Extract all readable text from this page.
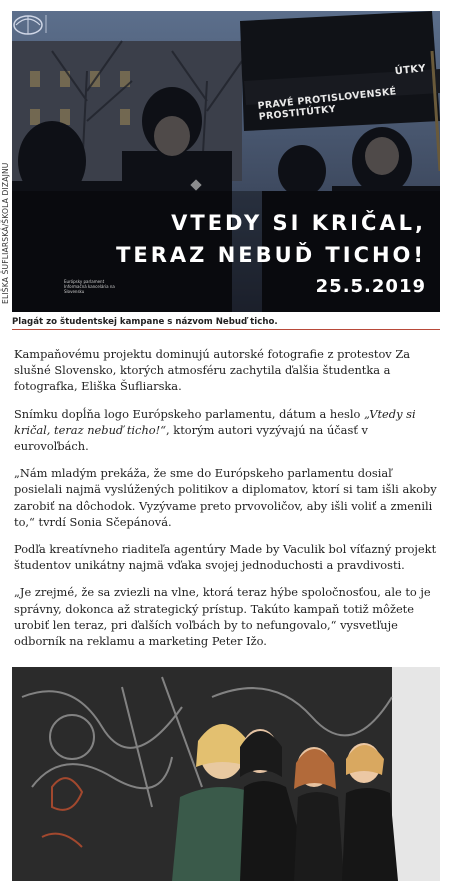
ELIŠKA ŠUFLIARSKÁ/ŠKOLA DIZAJNU
ÚTKY
PRAVÉ PROTISLOVENSKÉ PROSTITÚTKY
VTEDY SI KRIČAL,
TERAZ NEBUĎ TICHO!
25.5.2019
Európsky parlament Informačná kancelária na Slovensku
Plagát zo študentskej kampane s názvom Nebuď ticho.

Kampaňovému projektu dominujú autorské fotografie z protestov Za slušné Slovensko, ktorých atmosféru zachytila ďalšia študentka a fotografka, Eliška Šufliarska.

Snímku dopĺňa logo Európskeho parlamentu, dátum a heslo „Vtedy si kričal, teraz nebuď ticho!“, ktorým autori vyzývajú na účasť v eurovoľbách.

„Nám mladým prekáža, že sme do Európskeho parlamentu dosiaľ posielali najmä vyslúžených politikov a diplomatov, ktorí si tam išli akoby zarobiť na dôchodok. Vyzývame preto prvovoličov, aby išli voliť a zmenili to,“ tvrdí Sonia Sčepánová.

Podľa kreatívneho riaditeľa agentúry Made by Vaculik bol víťazný projekt študentov unikátny najmä vďaka svojej jednoduchosti a pravdivosti.

„Je zrejmé, že sa zviezli na vlne, ktorá teraz hýbe spoločnosťou, ale to je správny, dokonca až strategický prístup. Takúto kampaň totiž môžete urobiť len teraz, pri ďalších voľbách by to nefungovalo,“ vysvetľuje odborník na reklamu a marketing Peter Ižo.
